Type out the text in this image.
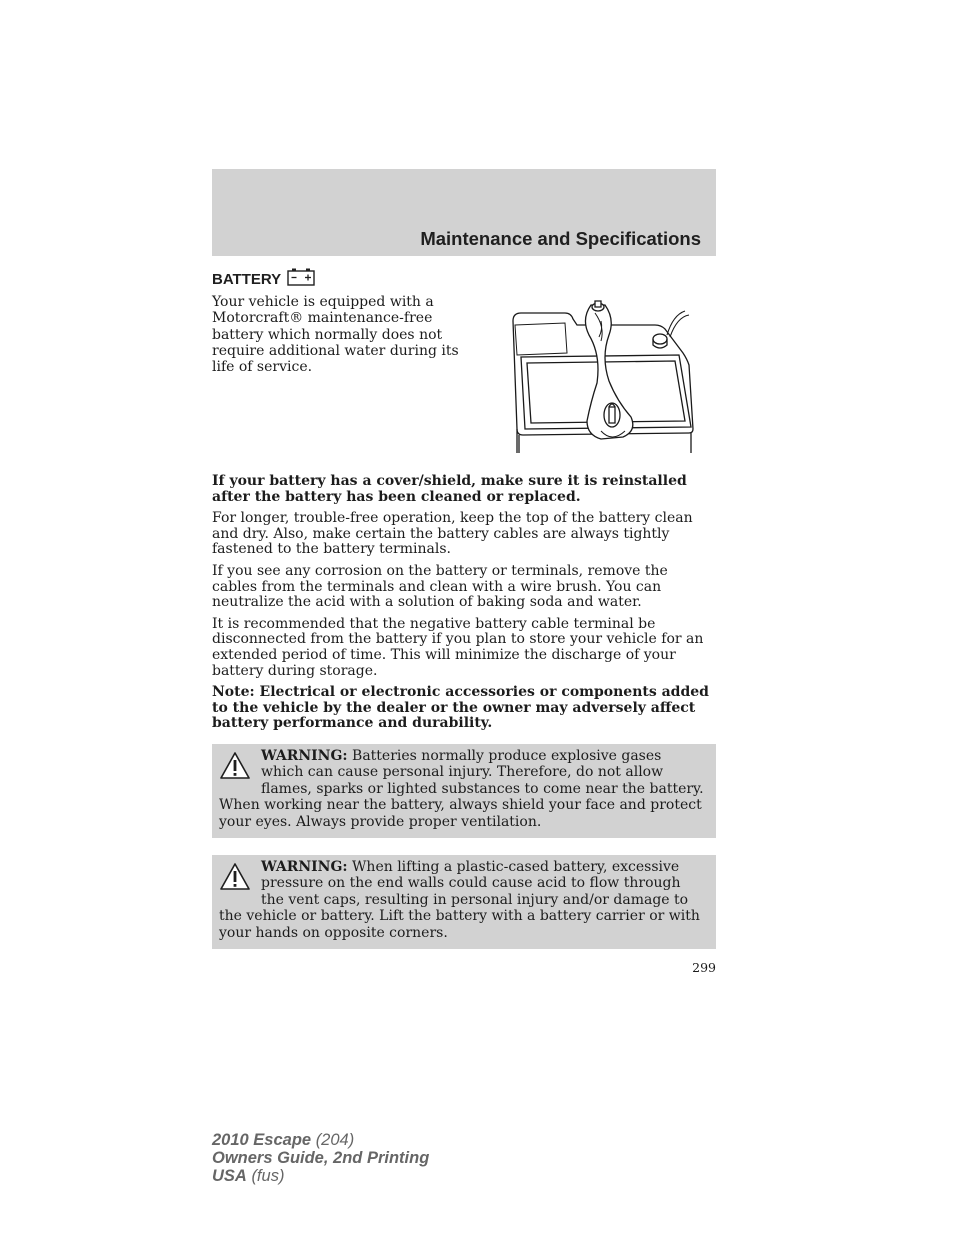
Maintenance and Specifications
BATTERY
Your vehicle is equipped with a Motorcraft® maintenance-free battery which normally does not require additional water during its life of service.

If your battery has a cover/shield, make sure it is reinstalled after the battery has been cleaned or replaced.

For longer, trouble-free operation, keep the top of the battery clean and dry. Also, make certain the battery cables are always tightly fastened to the battery terminals.

If you see any corrosion on the battery or terminals, remove the cables from the terminals and clean with a wire brush. You can neutralize the acid with a solution of baking soda and water.

It is recommended that the negative battery cable terminal be disconnected from the battery if you plan to store your vehicle for an extended period of time. This will minimize the discharge of your battery during storage.

Note: Electrical or electronic accessories or components added to the vehicle by the dealer or the owner may adversely affect battery performance and durability.

WARNING: Batteries normally produce explosive gases which can cause personal injury. Therefore, do not allow flames, sparks or lighted substances to come near the battery. When working near the battery, always shield your face and protect your eyes. Always provide proper ventilation.
WARNING: When lifting a plastic-cased battery, excessive pressure on the end walls could cause acid to flow through the vent caps, resulting in personal injury and/or damage to the vehicle or battery. Lift the battery with a battery carrier or with your hands on opposite corners.
299
2010 Escape (204)
Owners Guide, 2nd Printing
USA (fus)
